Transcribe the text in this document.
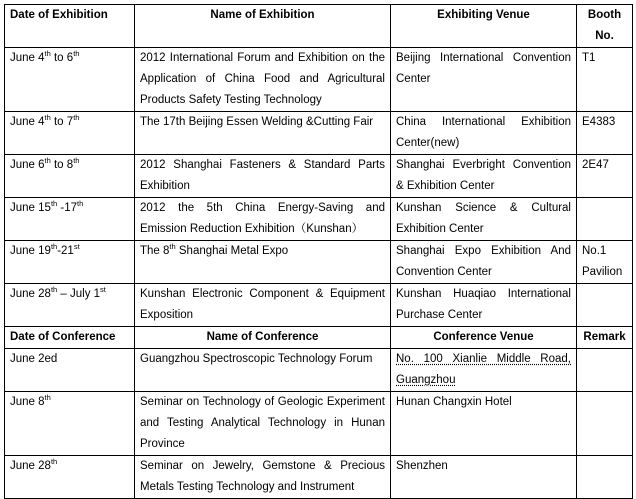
Date of Exhibition	Name of Exhibition	Exhibiting Venue	Booth No.
June 4th to 6th	2012 International Forum and Exhibition on the Application of China Food and Agricultural Products Safety Testing Technology	Beijing International Convention Center	T1
June 4th to 7th	The 17th Beijing Essen Welding &Cutting Fair	China International Exhibition Center(new)	E4383
June 6th to 8th	2012 Shanghai Fasteners & Standard Parts Exhibition	Shanghai Everbright Convention & Exhibition Center	2E47
June 15th -17th	2012 the 5th China Energy-Saving and Emission Reduction Exhibition（Kunshan）	Kunshan Science & Cultural Exhibition Center	
June 19th-21st	The 8th Shanghai Metal Expo	Shanghai Expo Exhibition And Convention Center	No.1 Pavilion
June 28th – July 1st	Kunshan Electronic Component & Equipment Exposition	Kunshan Huaqiao International Purchase Center	
Date of Conference	Name of Conference	Conference Venue	Remark
June 2ed	Guangzhou Spectroscopic Technology Forum	No. 100 Xianlie Middle Road, Guangzhou	
June 8th	Seminar on Technology of Geologic Experiment and Testing Analytical Technology in Hunan Province	Hunan Changxin Hotel	
June 28th	Seminar on Jewelry, Gemstone & Precious Metals Testing Technology and Instrument	Shenzhen	
